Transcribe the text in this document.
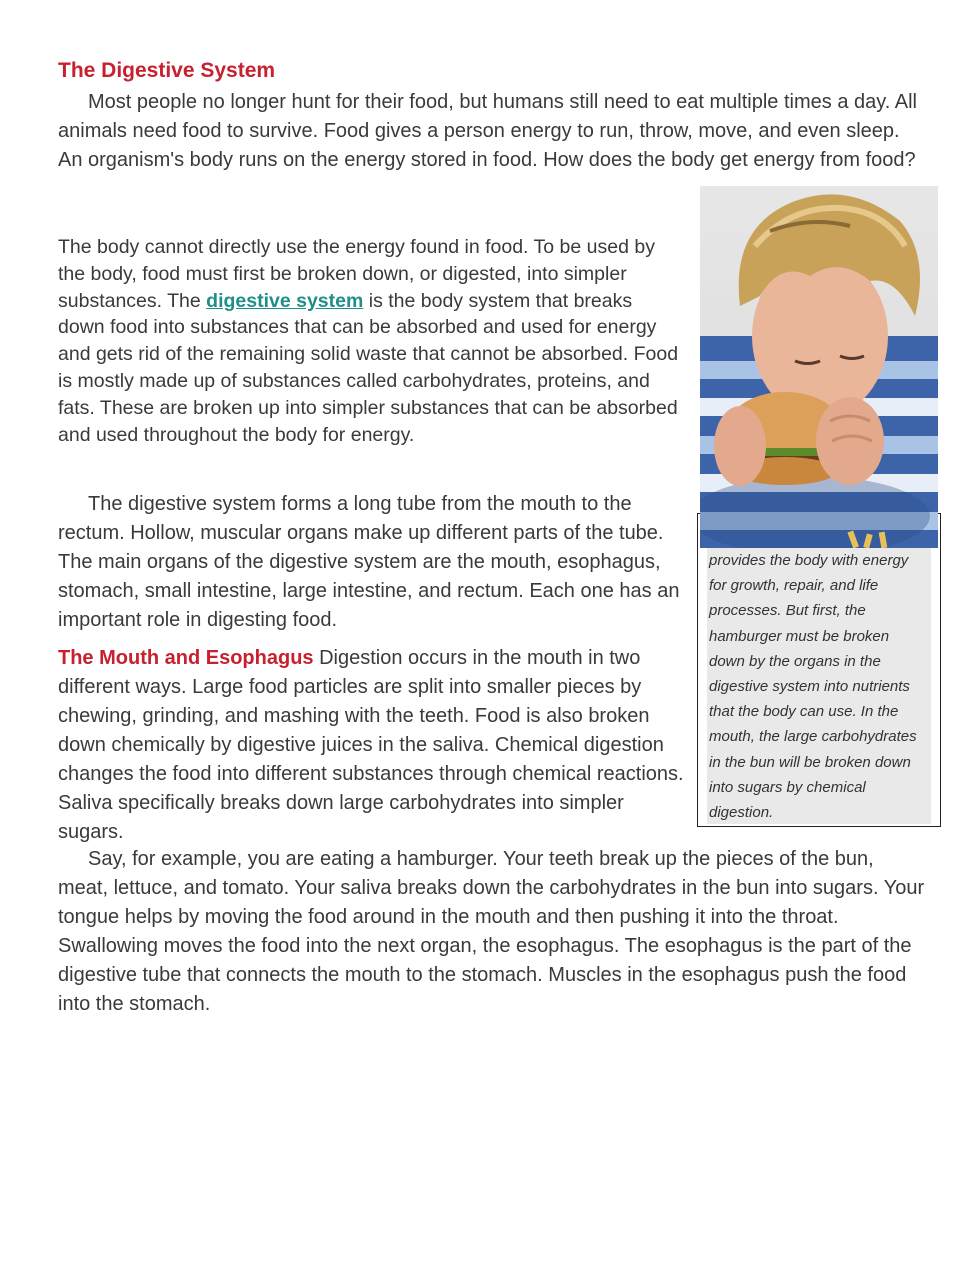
The Digestive System

Most people no longer hunt for their food, but humans still need to eat multiple times a day. All animals need food to survive. Food gives a person energy to run, throw, move, and even sleep. An organism's body runs on the energy stored in food. How does the body get energy from food?

The body cannot directly use the energy found in food. To be used by the body, food must first be broken down, or digested, into simpler substances. The digestive system is the body system that breaks down food into substances that can be absorbed and used for energy and gets rid of the remaining solid waste that cannot be absorbed. Food is mostly made up of substances called carbohydrates, proteins, and fats. These are broken up into simpler substances that can be absorbed and used throughout the body for energy.

The digestive system forms a long tube from the mouth to the rectum. Hollow, muscular organs make up different parts of the tube. The main organs of the digestive system are the mouth, esophagus, stomach, small intestine, large intestine, and rectum. Each one has an important role in digesting food.

The Mouth and Esophagus Digestion occurs in the mouth in two different ways. Large food particles are split into smaller pieces by chewing, grinding, and mashing with the teeth. Food is also broken down chemically by digestive juices in the saliva. Chemical digestion changes the food into different substances through chemical reactions. Saliva specifically breaks down large carbohydrates into simpler sugars.

Say, for example, you are eating a hamburger. Your teeth break up the pieces of the bun, meat, lettuce, and tomato. Your saliva breaks down the carbohydrates in the bun into sugars. Your tongue helps by moving the food around in the mouth and then pushing it into the throat. Swallowing moves the food into the next organ, the esophagus. The esophagus is the part of the digestive tube that connects the mouth to the stomach. Muscles in the esophagus push the food into the stomach.

provides the body with energy for growth, repair, and life processes. But first, the hamburger must be broken down by the organs in the digestive system into nutrients that the body can use. In the mouth, the large carbohydrates in the bun will be broken down into sugars by chemical digestion.
